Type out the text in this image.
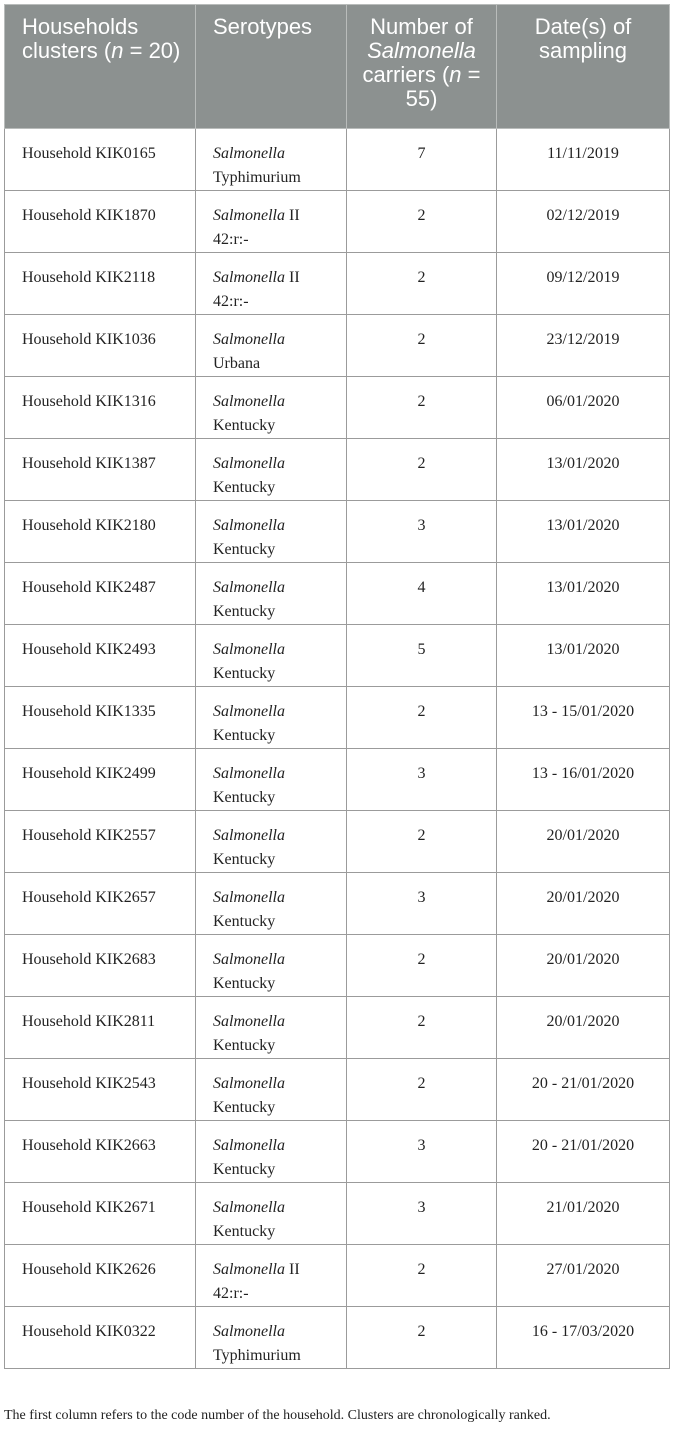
Households clusters (n = 20)	Serotypes	Number of Salmonella carriers (n = 55)	Date(s) of sampling
Household KIK0165	Salmonella Typhimurium	7	11/11/2019
Household KIK1870	Salmonella II 42:r:-	2	02/12/2019
Household KIK2118	Salmonella II 42:r:-	2	09/12/2019
Household KIK1036	Salmonella Urbana	2	23/12/2019
Household KIK1316	Salmonella Kentucky	2	06/01/2020
Household KIK1387	Salmonella Kentucky	2	13/01/2020
Household KIK2180	Salmonella Kentucky	3	13/01/2020
Household KIK2487	Salmonella Kentucky	4	13/01/2020
Household KIK2493	Salmonella Kentucky	5	13/01/2020
Household KIK1335	Salmonella Kentucky	2	13 - 15/01/2020
Household KIK2499	Salmonella Kentucky	3	13 - 16/01/2020
Household KIK2557	Salmonella Kentucky	2	20/01/2020
Household KIK2657	Salmonella Kentucky	3	20/01/2020
Household KIK2683	Salmonella Kentucky	2	20/01/2020
Household KIK2811	Salmonella Kentucky	2	20/01/2020
Household KIK2543	Salmonella Kentucky	2	20 - 21/01/2020
Household KIK2663	Salmonella Kentucky	3	20 - 21/01/2020
Household KIK2671	Salmonella Kentucky	3	21/01/2020
Household KIK2626	Salmonella II 42:r:-	2	27/01/2020
Household KIK0322	Salmonella Typhimurium	2	16 - 17/03/2020
The first column refers to the code number of the household. Clusters are chronologically ranked.
